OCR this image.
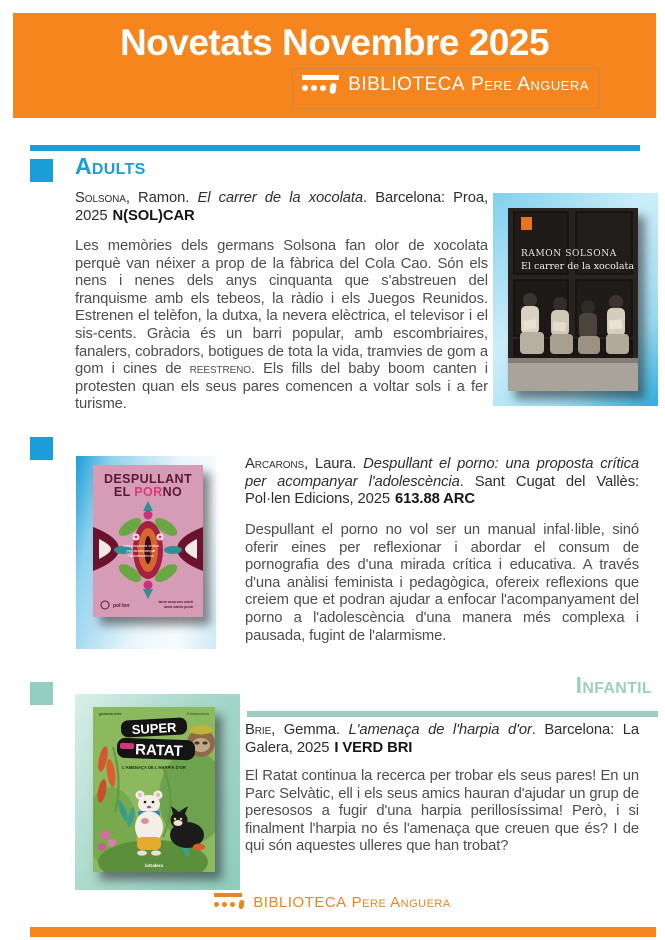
Novetats Novembre 2025
BIBLIOTECA Pere Anguera
Adults
Solsona, Ramon. El carrer de la xocolata. Barcelona: Proa, 2025 N(SOL)CAR
Les memòries dels germans Solsona fan olor de xocolata perquè van néixer a prop de la fàbrica del Cola Cao. Són els nens i nenes dels anys cinquanta que s'abstreuen del franquisme amb els tebeos, la ràdio i els Juegos Reunidos. Estrenen el telèfon, la dutxa, la nevera elèctrica, el televisor i el sis-cents. Gràcia és un barri popular, amb escombriaires, fanalers, cobradors, botigues de tota la vida, tramvies de gom a gom i cines de reestreno. Els fills del baby boom canten i protesten quan els seus pares comencen a voltar sols i a fer turisme.
RAMON SOLSONA
El carrer de la xocolata
DESPULLANT
EL PORNO
Una proposta crítica
per acompanyar
l'adolescència
pol·len
laura arcarons martí
anna salvia puntí
Arcarons, Laura. Despullant el porno: una proposta crítica per acompanyar l'adolescència. Sant Cugat del Vallès: Pol·len Edicions, 2025 613.88 ARC
Despullant el porno no vol ser un manual infal·lible, sinó oferir eines per reflexionar i abordar el consum de pornografia des d'una mirada crítica i educativa. A través d'una anàlisi feminista i pedagògica, ofereix reflexions que creiem que et podran ajudar a enfocar l'acompanyament del porno a l'adolescència d'una manera més complexa i pausada, fugint de l'alarmisme.
Infantil
gemma brie	il·lustracions
SUPER
RATAT
L'AMENAÇA DE L'HARPIA D'OR
laGalera
Brie, Gemma. L'amenaça de l'harpia d'or. Barcelona: La Galera, 2025 I VERD BRI
El Ratat continua la recerca per trobar els seus pares! En un Parc Selvàtic, ell i els seus amics hauran d'ajudar un grup de peresosos a fugir d'una harpia perillosíssima! Però, i si finalment l'harpia no és l'amenaça que creuen que és? I de qui són aquestes ulleres que han trobat?
BIBLIOTECA Pere Anguera
